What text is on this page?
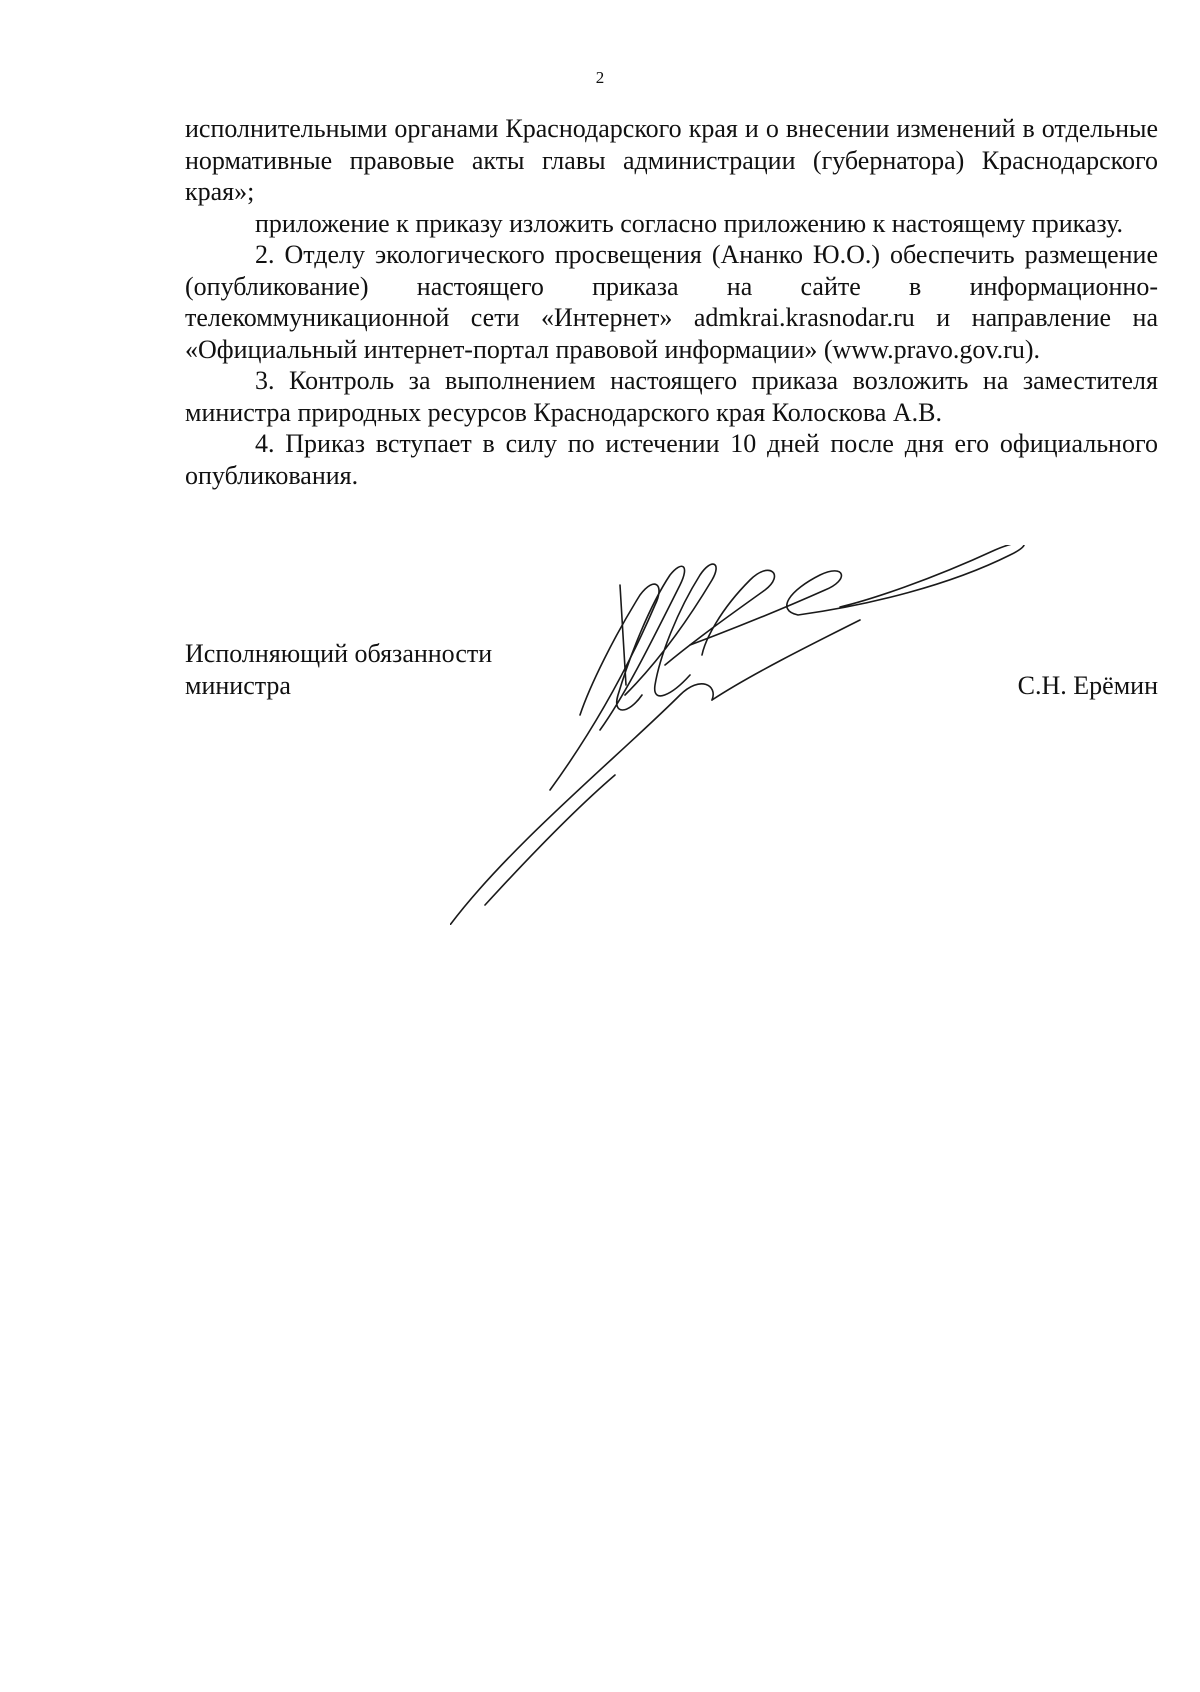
2

исполнительными органами Краснодарского края и о внесении изменений в отдельные нормативные правовые акты главы администрации (губернатора) Краснодарского края»;

приложение к приказу изложить согласно приложению к настоящему приказу.

2. Отделу экологического просвещения (Ананко Ю.О.) обеспечить размещение (опубликование) настоящего приказа на сайте в информационно-телекоммуникационной сети «Интернет» admkrai.krasnodar.ru и направление на «Официальный интернет-портал правовой информации» (www.pravo.gov.ru).

3. Контроль за выполнением настоящего приказа возложить на заместителя министра природных ресурсов Краснодарского края Колоскова А.В.

4. Приказ вступает в силу по истечении 10 дней после дня его официального опубликования.

Исполняющий обязанности
министра	С.Н. Ерёмин
